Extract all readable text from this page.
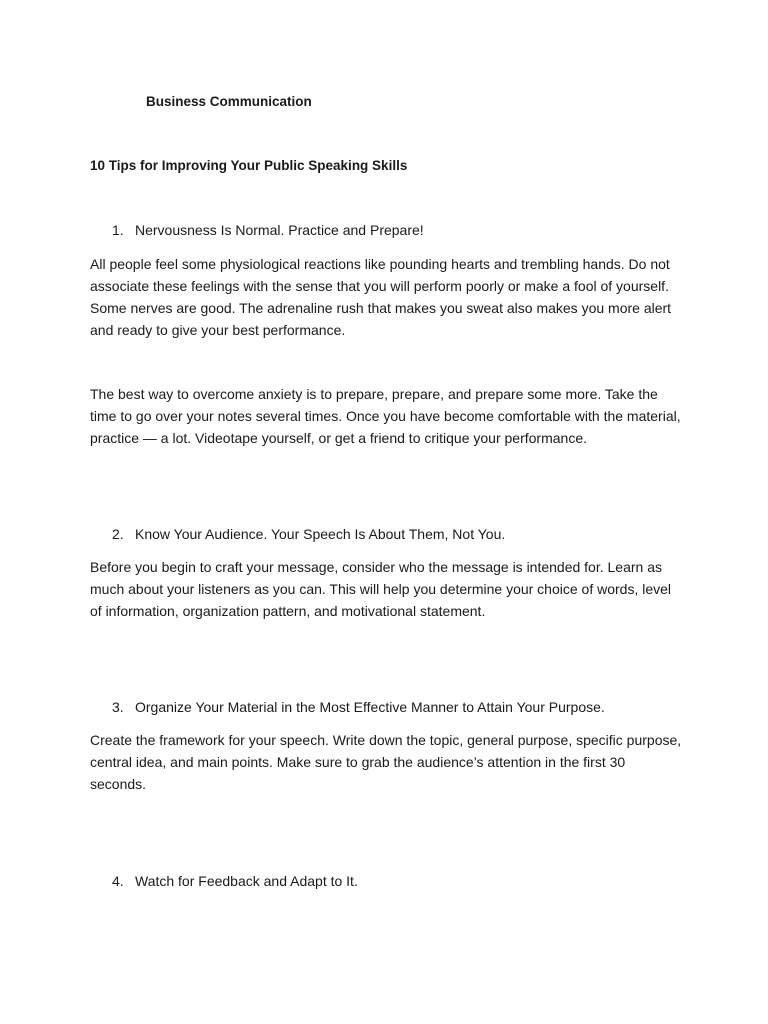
Business Communication

10 Tips for Improving Your Public Speaking Skills

1. Nervousness Is Normal. Practice and Prepare!

All people feel some physiological reactions like pounding hearts and trembling hands. Do not associate these feelings with the sense that you will perform poorly or make a fool of yourself. Some nerves are good. The adrenaline rush that makes you sweat also makes you more alert and ready to give your best performance.

The best way to overcome anxiety is to prepare, prepare, and prepare some more. Take the time to go over your notes several times. Once you have become comfortable with the material, practice — a lot. Videotape yourself, or get a friend to critique your performance.

2. Know Your Audience. Your Speech Is About Them, Not You.

Before you begin to craft your message, consider who the message is intended for. Learn as much about your listeners as you can. This will help you determine your choice of words, level of information, organization pattern, and motivational statement.

3. Organize Your Material in the Most Effective Manner to Attain Your Purpose.

Create the framework for your speech. Write down the topic, general purpose, specific purpose, central idea, and main points. Make sure to grab the audience’s attention in the first 30 seconds.

4. Watch for Feedback and Adapt to It.
